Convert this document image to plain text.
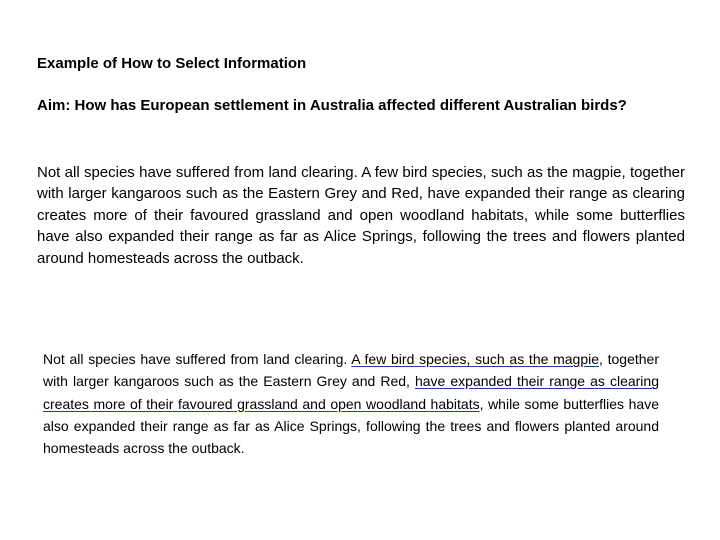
Example of How to Select Information

Aim: How has European settlement in Australia affected different Australian birds?

Not all species have suffered from land clearing. A few bird species, such as the magpie, together with larger kangaroos such as the Eastern Grey and Red, have expanded their range as clearing creates more of their favoured grassland and open woodland habitats, while some butterflies have also expanded their range as far as Alice Springs, following the trees and flowers planted around homesteads across the outback.

Not all species have suffered from land clearing. A few bird species, such as the magpie, together with larger kangaroos such as the Eastern Grey and Red, have expanded their range as clearing creates more of their favoured grassland and open woodland habitats, while some butterflies have also expanded their range as far as Alice Springs, following the trees and flowers planted around homesteads across the outback.
